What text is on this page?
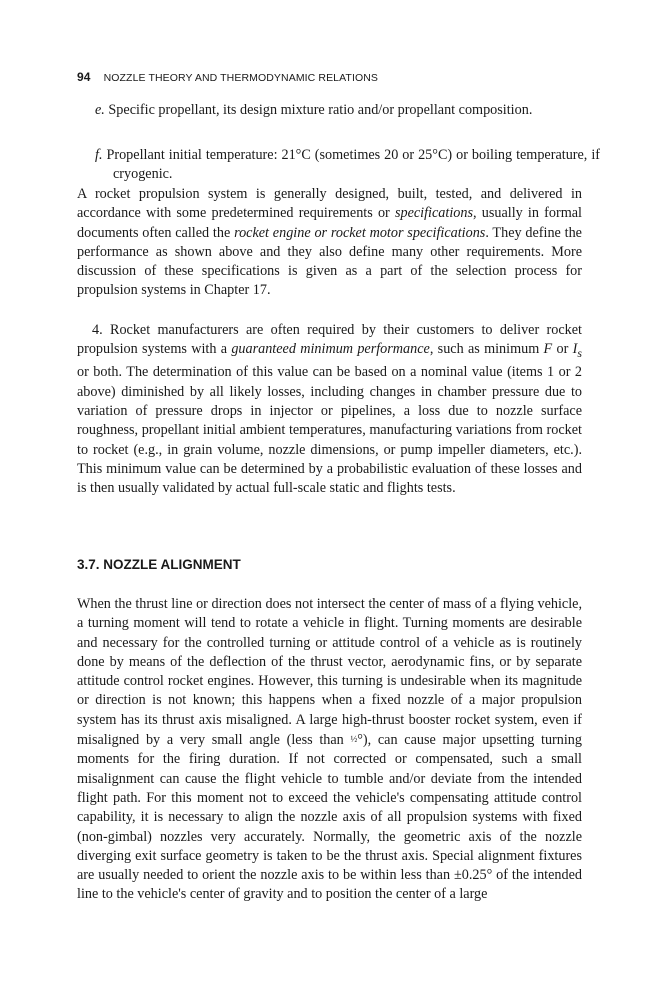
94 NOZZLE THEORY AND THERMODYNAMIC RELATIONS
e. Specific propellant, its design mixture ratio and/or propellant composition.
f. Propellant initial temperature: 21°C (sometimes 20 or 25°C) or boiling temperature, if cryogenic.

A rocket propulsion system is generally designed, built, tested, and delivered in accordance with some predetermined requirements or specifications, usually in formal documents often called the rocket engine or rocket motor specifications. They define the performance as shown above and they also define many other requirements. More discussion of these specifications is given as a part of the selection process for propulsion systems in Chapter 17.

4. Rocket manufacturers are often required by their customers to deliver rocket propulsion systems with a guaranteed minimum performance, such as minimum F or $I_s$ or both. The determination of this value can be based on a nominal value (items 1 or 2 above) diminished by all likely losses, including changes in chamber pressure due to variation of pressure drops in injector or pipelines, a loss due to nozzle surface roughness, propellant initial ambient temperatures, manufacturing variations from rocket to rocket (e.g., in grain volume, nozzle dimensions, or pump impeller diameters, etc.). This minimum value can be determined by a probabilistic evaluation of these losses and is then usually validated by actual full-scale static and flights tests.

3.7. NOZZLE ALIGNMENT

When the thrust line or direction does not intersect the center of mass of a flying vehicle, a turning moment will tend to rotate a vehicle in flight. Turning moments are desirable and necessary for the controlled turning or attitude control of a vehicle as is routinely done by means of the deflection of the thrust vector, aerodynamic fins, or by separate attitude control rocket engines. However, this turning is undesirable when its magnitude or direction is not known; this happens when a fixed nozzle of a major propulsion system has its thrust axis misaligned. A large high-thrust booster rocket system, even if misaligned by a very small angle (less than ½°), can cause major upsetting turning moments for the firing duration. If not corrected or compensated, such a small misalignment can cause the flight vehicle to tumble and/or deviate from the intended flight path. For this moment not to exceed the vehicle's compensating attitude control capability, it is necessary to align the nozzle axis of all propulsion systems with fixed (non-gimbal) nozzles very accurately. Normally, the geometric axis of the nozzle diverging exit surface geometry is taken to be the thrust axis. Special alignment fixtures are usually needed to orient the nozzle axis to be within less than ±0.25° of the intended line to the vehicle's center of gravity and to position the center of a large
